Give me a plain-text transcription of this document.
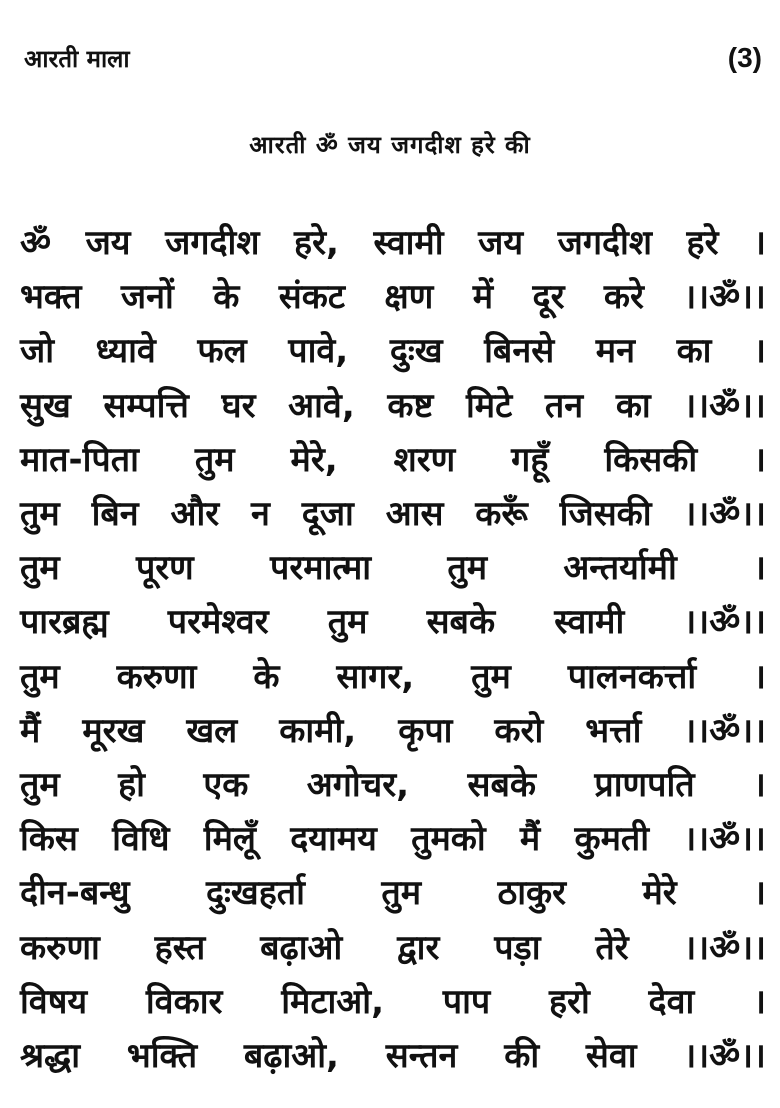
आरती माला	(3)
आरती ॐ जय जगदीश हरे की
ॐ जय जगदीश हरे, स्वामी जय जगदीश हरे ।
भक्त जनों के संकट क्षण में दूर करे ।।ॐ।।
जो ध्यावे फल पावे, दुःख बिनसे मन का ।
सुख सम्पत्ति घर आवे, कष्ट मिटे तन का ।।ॐ।।
मात-पिता तुम मेरे, शरण गहूँ किसकी ।
तुम बिन और न दूजा आस करूँ जिसकी ।।ॐ।।
तुम पूरण परमात्मा तुम अन्तर्यामी ।
पारब्रह्म परमेश्वर तुम सबके स्वामी ।।ॐ।।
तुम करुणा के सागर, तुम पालनकर्त्ता ।
मैं मूरख खल कामी, कृपा करो भर्त्ता ।।ॐ।।
तुम हो एक अगोचर, सबके प्राणपति ।
किस विधि मिलूँ दयामय तुमको मैं कुमती ।।ॐ।।
दीन-बन्धु दुःखहर्ता तुम ठाकुर मेरे ।
करुणा हस्त बढ़ाओ द्वार पड़ा तेरे ।।ॐ।।
विषय विकार मिटाओ, पाप हरो देवा ।
श्रद्धा भक्ति बढ़ाओ, सन्तन की सेवा ।।ॐ।।
